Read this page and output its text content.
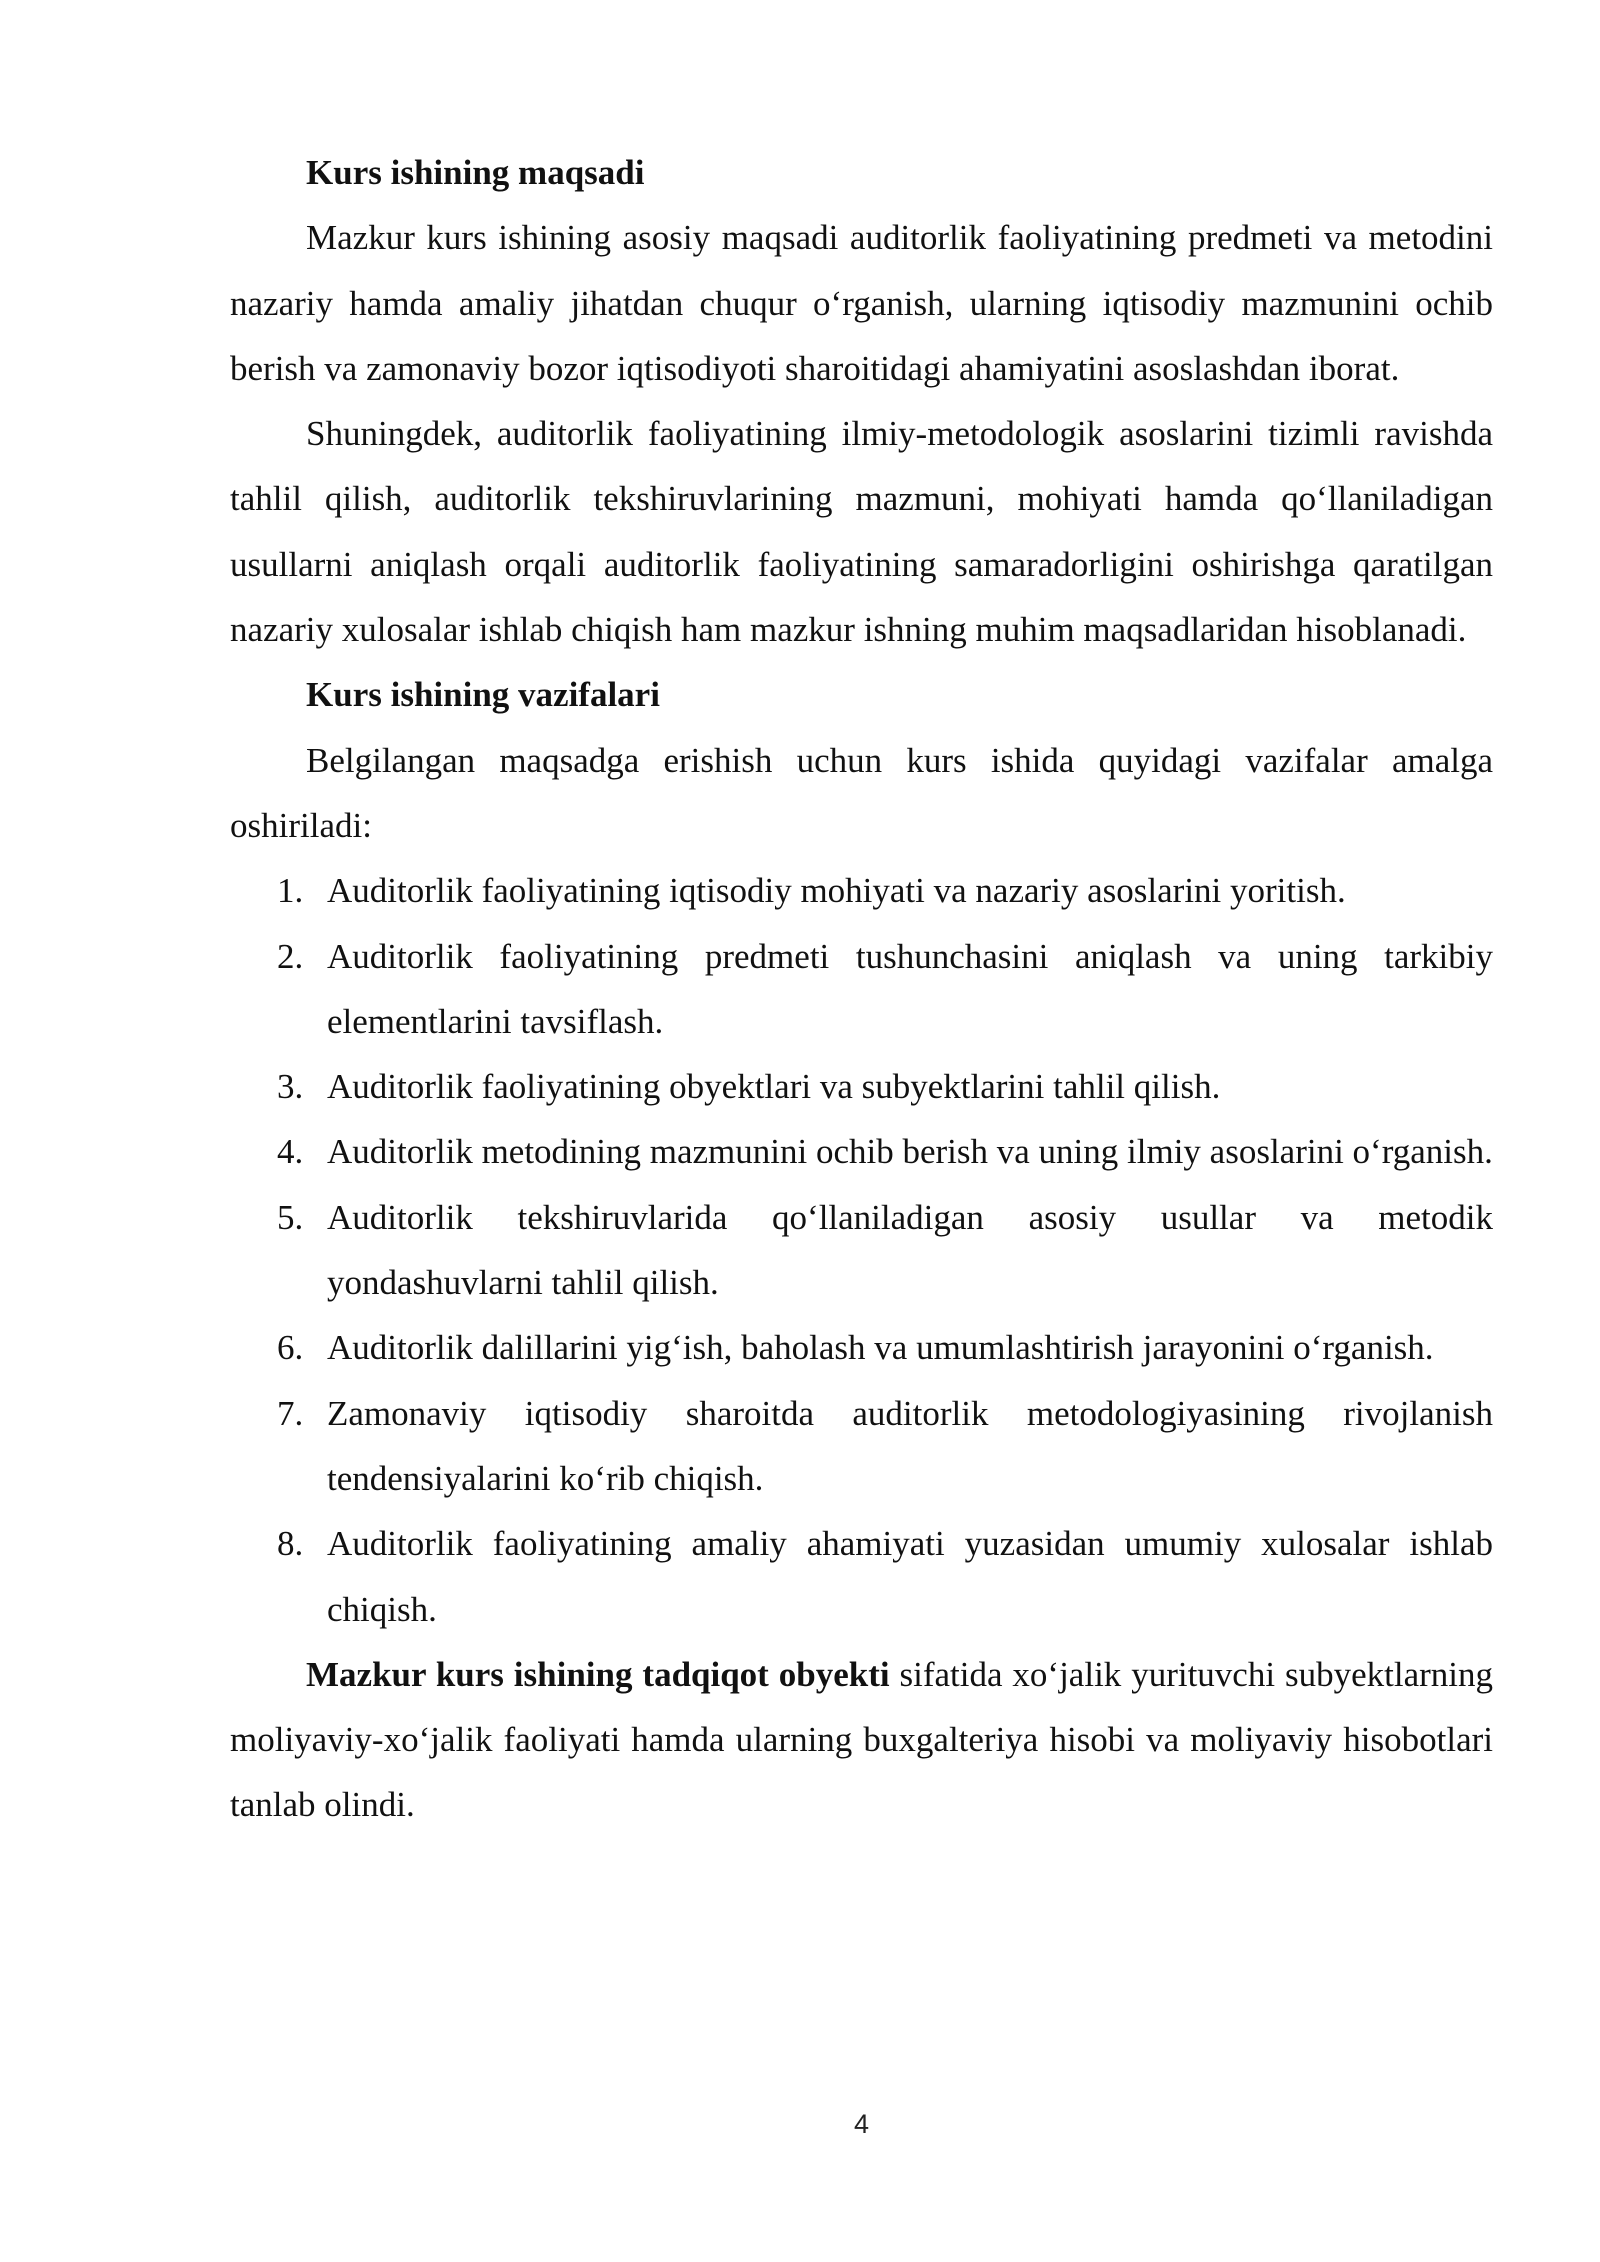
Kurs ishining maqsadi

Mazkur kurs ishining asosiy maqsadi auditorlik faoliyatining predmeti va metodini nazariy hamda amaliy jihatdan chuqur o‘rganish, ularning iqtisodiy mazmunini ochib berish va zamonaviy bozor iqtisodiyoti sharoitidagi ahamiyatini asoslashdan iborat.

Shuningdek, auditorlik faoliyatining ilmiy-metodologik asoslarini tizimli ravishda tahlil qilish, auditorlik tekshiruvlarining mazmuni, mohiyati hamda qo‘llaniladigan usullarni aniqlash orqali auditorlik faoliyatining samaradorligini oshirishga qaratilgan nazariy xulosalar ishlab chiqish ham mazkur ishning muhim maqsadlaridan hisoblanadi.

Kurs ishining vazifalari

Belgilangan maqsadga erishish uchun kurs ishida quyidagi vazifalar amalga oshiriladi:

1. Auditorlik faoliyatining iqtisodiy mohiyati va nazariy asoslarini yoritish.
2. Auditorlik faoliyatining predmeti tushunchasini aniqlash va uning tarkibiy elementlarini tavsiflash.
3. Auditorlik faoliyatining obyektlari va subyektlarini tahlil qilish.
4. Auditorlik metodining mazmunini ochib berish va uning ilmiy asoslarini o‘rganish.
5. Auditorlik tekshiruvlarida qo‘llaniladigan asosiy usullar va metodik yondashuvlarni tahlil qilish.
6. Auditorlik dalillarini yig‘ish, baholash va umumlashtirish jarayonini o‘rganish.
7. Zamonaviy iqtisodiy sharoitda auditorlik metodologiyasining rivojlanish tendensiyalarini ko‘rib chiqish.
8. Auditorlik faoliyatining amaliy ahamiyati yuzasidan umumiy xulosalar ishlab chiqish.

Mazkur kurs ishining tadqiqot obyekti sifatida xo‘jalik yurituvchi subyektlarning moliyaviy-xo‘jalik faoliyati hamda ularning buxgalteriya hisobi va moliyaviy hisobotlari tanlab olindi.

4
